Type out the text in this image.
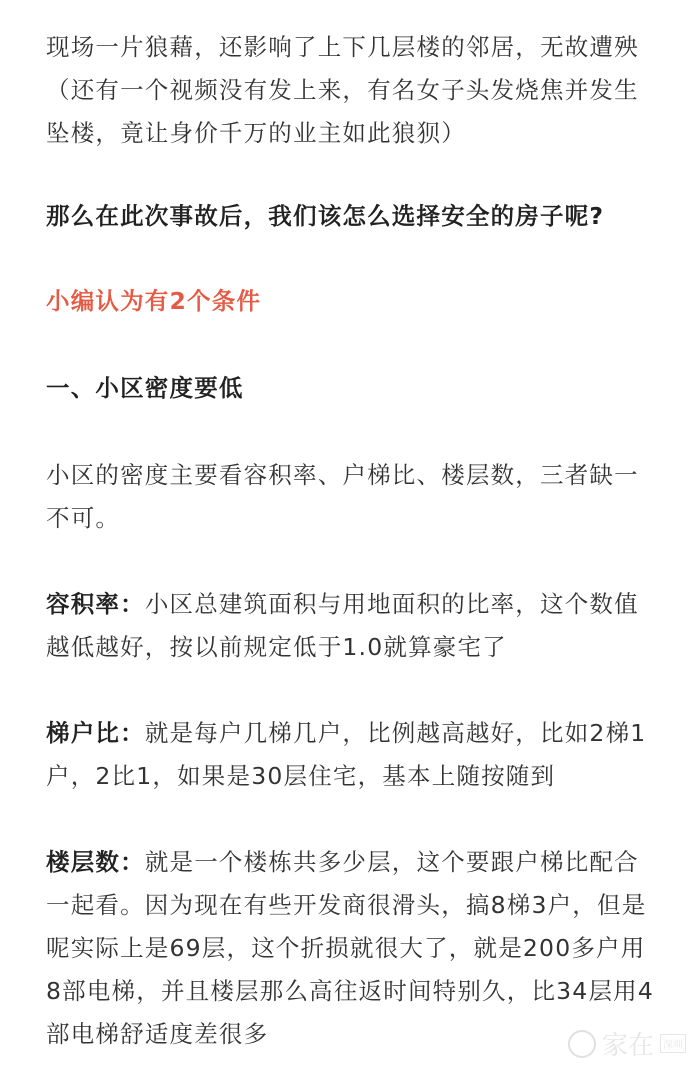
现场一片狼藉，还影响了上下几层楼的邻居，无故遭殃（还有一个视频没有发上来，有名女子头发烧焦并发生坠楼，竟让身价千万的业主如此狼狈）

那么在此次事故后，我们该怎么选择安全的房子呢?

小编认为有2个条件

一、小区密度要低

小区的密度主要看容积率、户梯比、楼层数，三者缺一不可。

容积率：小区总建筑面积与用地面积的比率，这个数值越低越好，按以前规定低于1.0就算豪宅了

梯户比：就是每户几梯几户，比例越高越好，比如2梯1户，2比1，如果是30层住宅，基本上随按随到

楼层数：就是一个楼栋共多少层，这个要跟户梯比配合一起看。因为现在有些开发商很滑头，搞8梯3户，但是呢实际上是69层，这个折损就很大了，就是200多户用8部电梯，并且楼层那么高往返时间特别久，比34层用4部电梯舒适度差很多	家在 深圳
